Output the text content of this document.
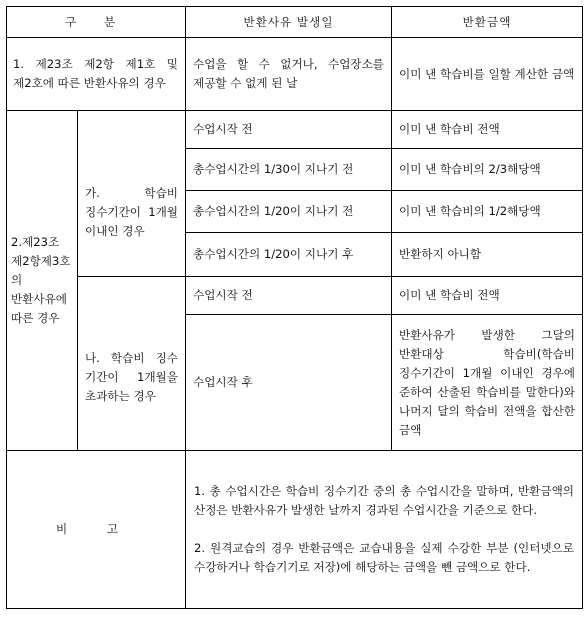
구 분		반환사유 발생일	반환금액
1. 제23조 제2항 제1호 및 제2호에 따른 반환사유의 경우		수업을 할 수 없거나, 수업장소를 제공할 수 없게 된 날	이미 낸 학습비를 일할 계산한 금액
2.제23조 제2항제3호의 반환사유에 따른 경우	가. 학습비 징수기간이 1개월 이내인 경우	수업시작 전	이미 낸 학습비 전액
		총수업시간의 1/30이 지나기 전	이미 낸 학습비의 2/3해당액
		총수업시간의 1/20이 지나기 전	이미 낸 학습비의 1/2해당액
		총수업시간의 1/20이 지나기 후	반환하지 아니함
	나. 학습비 징수 기간이 1개월을 초과하는 경우	수업시작 전	이미 낸 학습비 전액
		수업시작 후	반환사유가 발생한 그달의 반환대상 학습비(학습비 징수기간이 1개월 이내인 경우에 준하여 산출된 학습비를 말한다)와 나머지 달의 학습비 전액을 합산한 금액
비 고		1. 총 수업시간은 학습비 징수기간 중의 총 수업시간을 말하며, 반환금액의 산정은 반환사유가 발생한 날까지 경과된 수업시간을 기준으로 한다.
2. 원격교습의 경우 반환금액은 교습내용을 실제 수강한 부분 (인터넷으로 수강하거나 학습기기로 저장)에 해당하는 금액을 뺀 금액으로 한다.	
